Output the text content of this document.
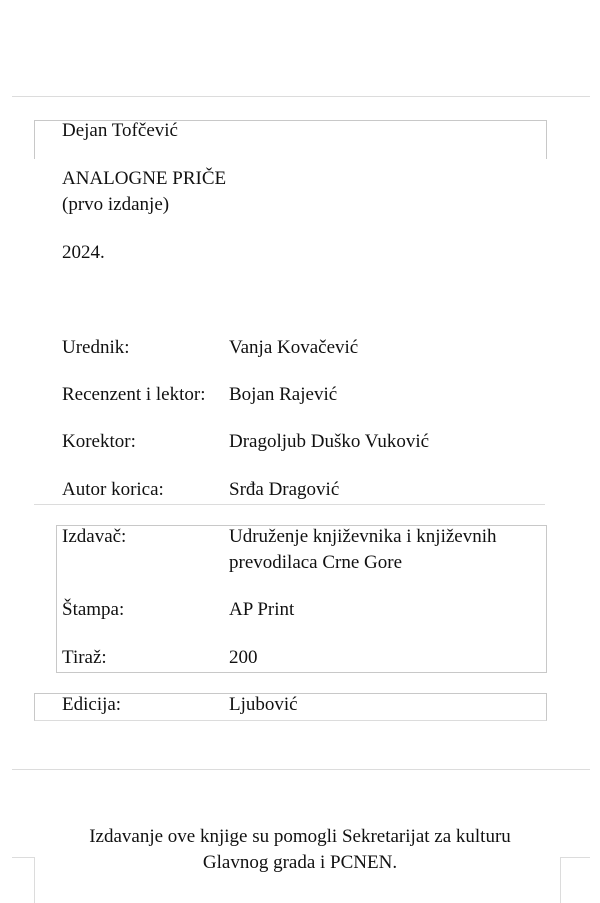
Dejan Tofčević
ANALOGNE PRIČE
(prvo izdanje)
2024.
Urednik:	Vanja Kovačević
Recenzent i lektor: Bojan Rajević
Korektor:	Dragoljub Duško Vuković
Autor korica:	Srđa Dragović
Izdavač:	Udruženje književnika i književnih
prevodilaca Crne Gore
Štampa:	AP Print
Tiraž:	200
Edicija:	Ljubović
Izdavanje ove knjige su pomogli Sekretarijat za kulturu
Glavnog grada i PCNEN.
